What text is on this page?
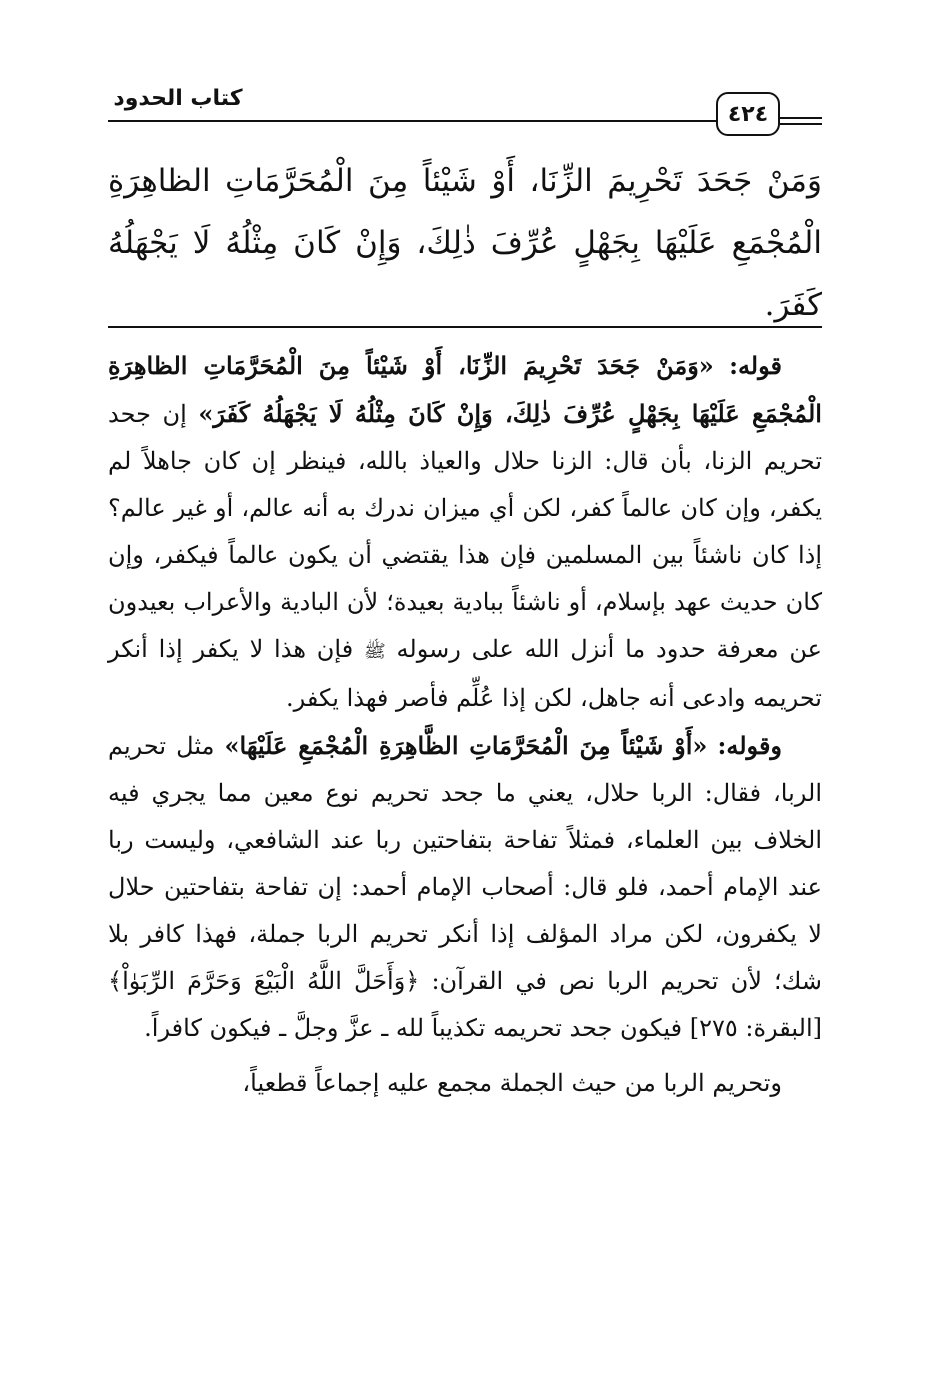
كتاب الحدود
٤٢٤
وَمَنْ جَحَدَ تَحْرِيمَ الزِّنَا، أَوْ شَيْئاً مِنَ الْمُحَرَّمَاتِ الظاهِرَةِ الْمُجْمَعِ عَلَيْهَا بِجَهْلٍ عُرِّفَ ذٰلِكَ، وَإِنْ كَانَ مِثْلُهُ لَا يَجْهَلُهُ كَفَرَ.

قوله: «وَمَنْ جَحَدَ تَحْرِيمَ الزِّنَا، أَوْ شَيْئاً مِنَ الْمُحَرَّمَاتِ الظاهِرَةِ الْمُجْمَعِ عَلَيْهَا بِجَهْلٍ عُرِّفَ ذٰلِكَ، وَإِنْ كَانَ مِثْلُهُ لَا يَجْهَلُهُ كَفَرَ» إن جحد تحريم الزنا، بأن قال: الزنا حلال والعياذ بالله، فينظر إن كان جاهلاً لم يكفر، وإن كان عالماً كفر، لكن أي ميزان ندرك به أنه عالم، أو غير عالم؟ إذا كان ناشئاً بين المسلمين فإن هذا يقتضي أن يكون عالماً فيكفر، وإن كان حديث عهد بإسلام، أو ناشئاً ببادية بعيدة؛ لأن البادية والأعراب بعيدون عن معرفة حدود ما أنزل الله على رسوله ﷺ فإن هذا لا يكفر إذا أنكر تحريمه وادعى أنه جاهل، لكن إذا عُلِّم فأصر فهذا يكفر.

وقوله: «أَوْ شَيْئاً مِنَ الْمُحَرَّمَاتِ الظَّاهِرَةِ الْمُجْمَعِ عَلَيْهَا» مثل تحريم الربا، فقال: الربا حلال، يعني ما جحد تحريم نوع معين مما يجري فيه الخلاف بين العلماء، فمثلاً تفاحة بتفاحتين ربا عند الشافعي، وليست ربا عند الإمام أحمد، فلو قال: أصحاب الإمام أحمد: إن تفاحة بتفاحتين حلال لا يكفرون، لكن مراد المؤلف إذا أنكر تحريم الربا جملة، فهذا كافر بلا شك؛ لأن تحريم الربا نص في القرآن: ﴿وَأَحَلَّ اللَّهُ الْبَيْعَ وَحَرَّمَ الرِّبَوٰاْ﴾ [البقرة: ٢٧٥] فيكون جحد تحريمه تكذيباً لله ـ عزَّ وجلَّ ـ فيكون كافراً.

وتحريم الربا من حيث الجملة مجمع عليه إجماعاً قطعياً،
